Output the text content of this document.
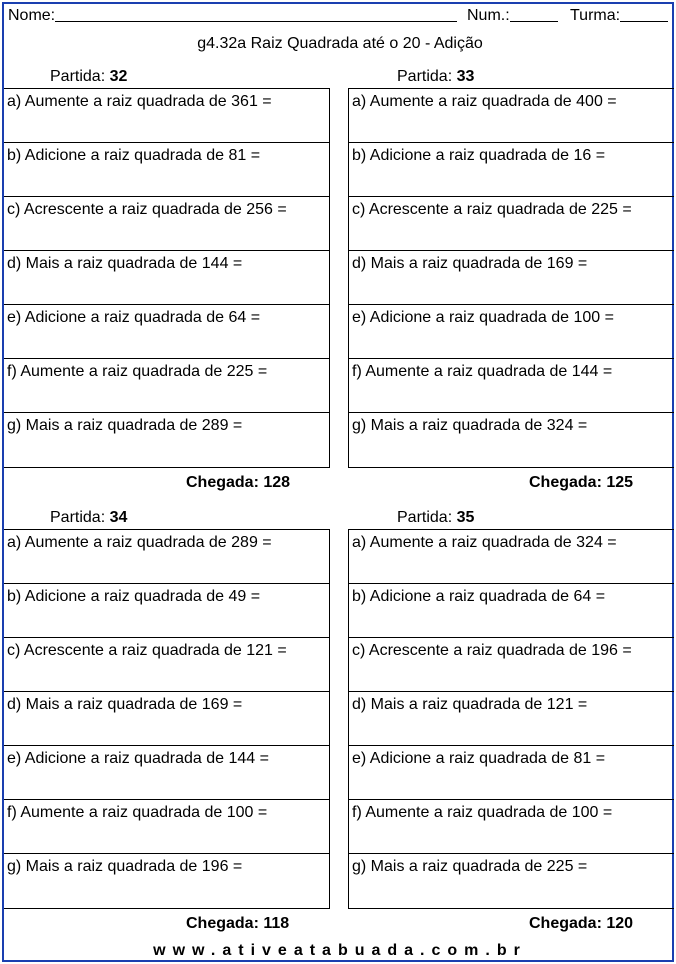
Nome:	Num.:	Turma:
g4.32a Raiz Quadrada até o 20 - Adição
Partida: 32
a) Aumente a raiz quadrada de 361 =
b) Adicione a raiz quadrada de 81 =
c) Acrescente a raiz quadrada de 256 =
d) Mais a raiz quadrada de 144 =
e) Adicione a raiz quadrada de 64 =
f) Aumente a raiz quadrada de 225 =
g) Mais a raiz quadrada de 289 =
Chegada: 128
Partida: 33
a) Aumente a raiz quadrada de 400 =
b) Adicione a raiz quadrada de 16 =
c) Acrescente a raiz quadrada de 225 =
d) Mais a raiz quadrada de 169 =
e) Adicione a raiz quadrada de 100 =
f) Aumente a raiz quadrada de 144 =
g) Mais a raiz quadrada de 324 =
Chegada: 125
Partida: 34
a) Aumente a raiz quadrada de 289 =
b) Adicione a raiz quadrada de 49 =
c) Acrescente a raiz quadrada de 121 =
d) Mais a raiz quadrada de 169 =
e) Adicione a raiz quadrada de 144 =
f) Aumente a raiz quadrada de 100 =
g) Mais a raiz quadrada de 196 =
Chegada: 118
Partida: 35
a) Aumente a raiz quadrada de 324 =
b) Adicione a raiz quadrada de 64 =
c) Acrescente a raiz quadrada de 196 =
d) Mais a raiz quadrada de 121 =
e) Adicione a raiz quadrada de 81 =
f) Aumente a raiz quadrada de 100 =
g) Mais a raiz quadrada de 225 =
Chegada: 120
www.ativeatabuada.com.br
